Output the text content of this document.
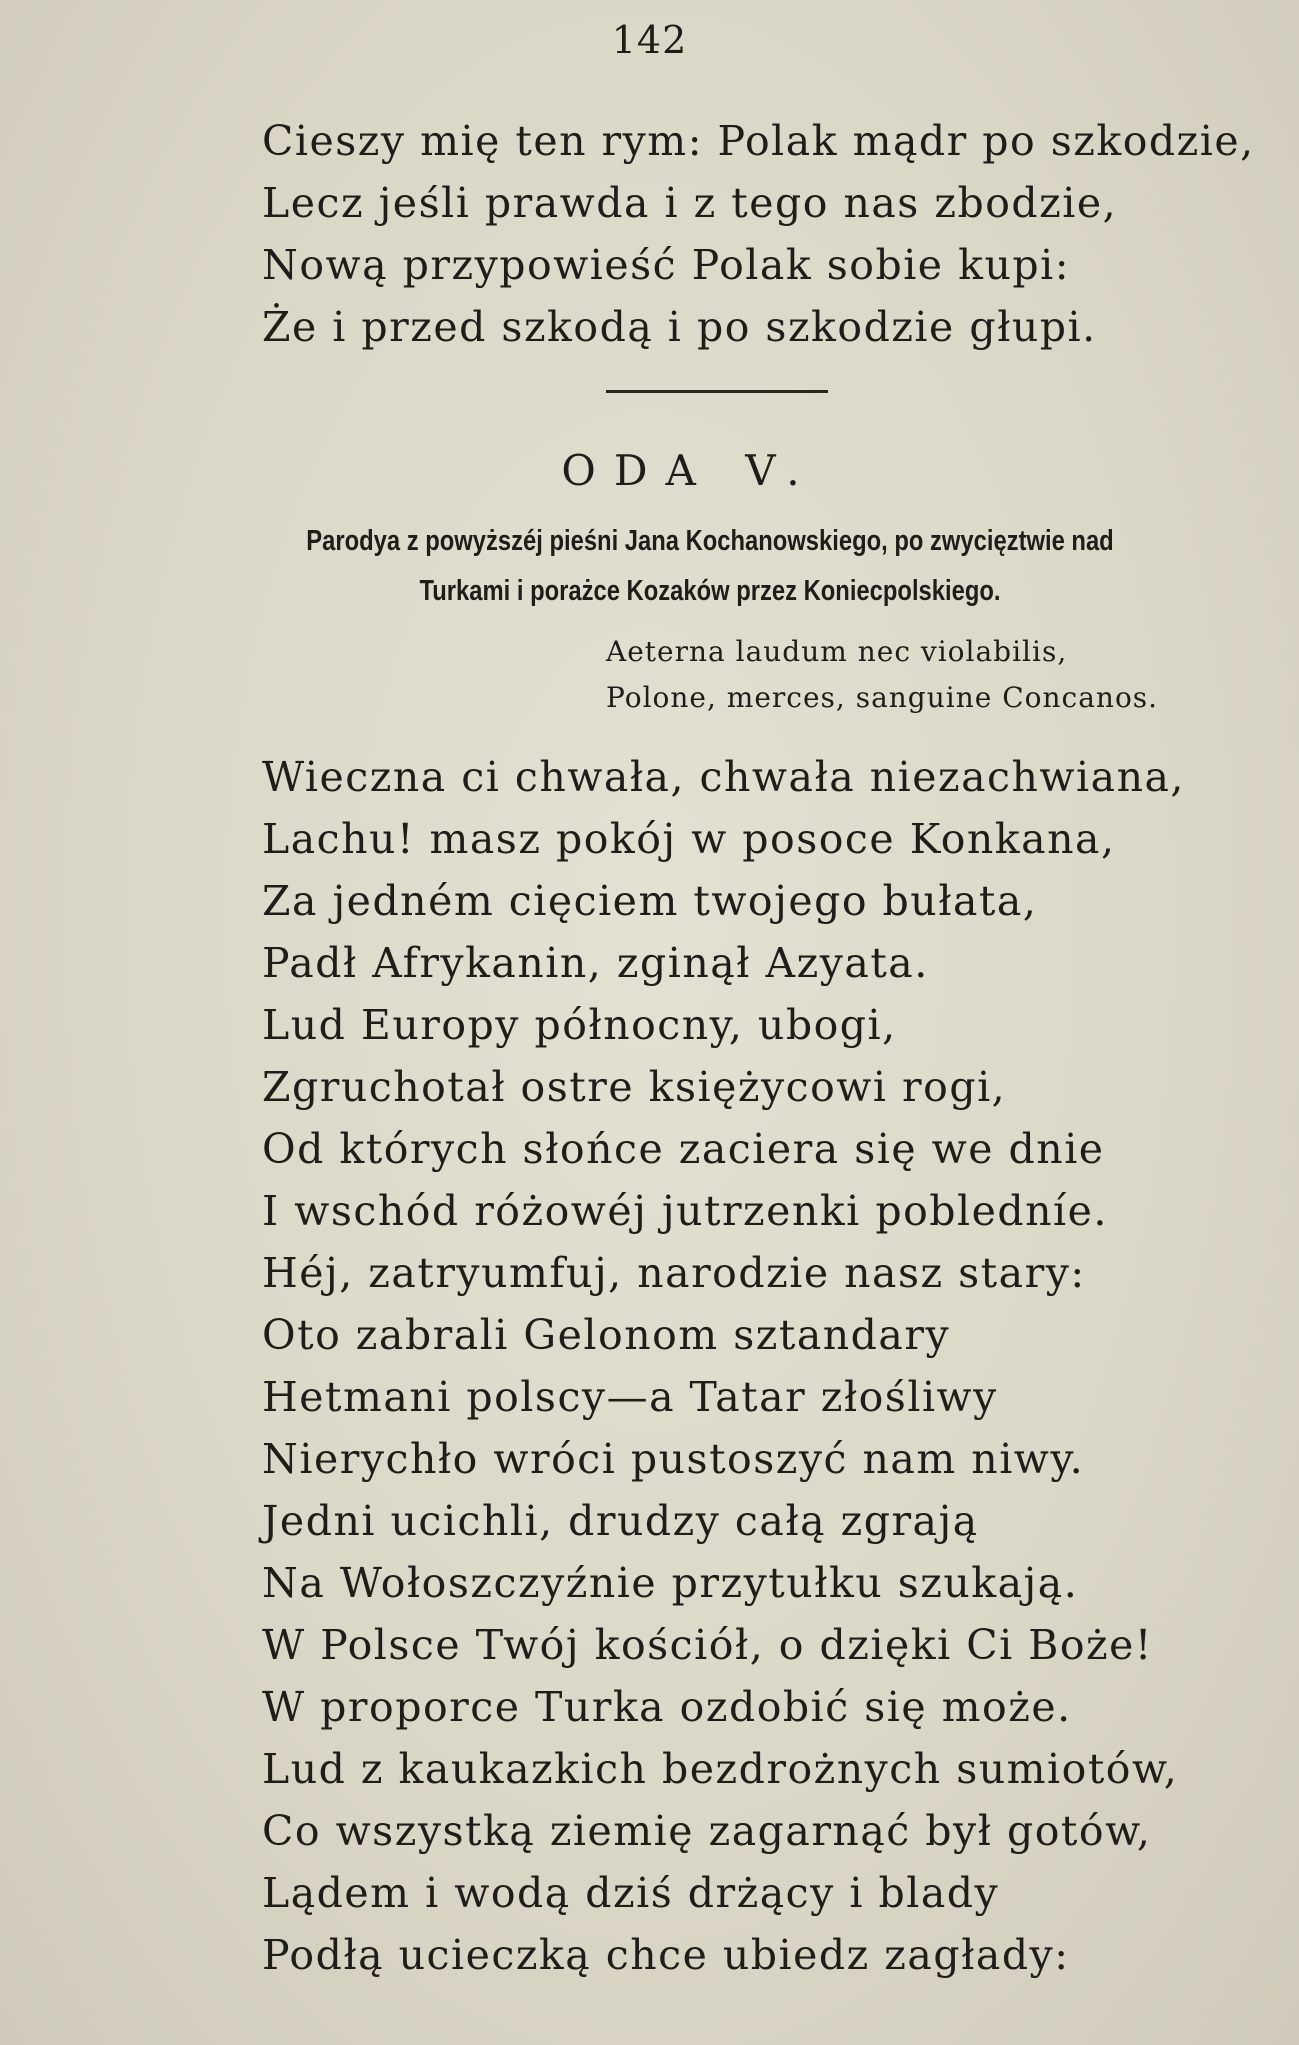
142
Cieszy mię ten rym: Polak mądr po szkodzie,
Lecz jeśli prawda i z tego nas zbodzie,
Nową przypowieść Polak sobie kupi:
Że i przed szkodą i po szkodzie głupi.
ODA V.
Parodya z powyższéj pieśni Jana Kochanowskiego, po zwycięztwie nad
Turkami i porażce Kozaków przez Koniecpolskiego.
Aeterna laudum nec violabilis,
Polone, merces, sanguine Concanos.
Wieczna ci chwała, chwała niezachwiana,
Lachu! masz pokój w posoce Konkana,
Za jedném cięciem twojego bułata,
Padł Afrykanin, zginął Azyata.
Lud Europy północny, ubogi,
Zgruchotał ostre księżycowi rogi,
Od których słońce zaciera się we dnie
I wschód różowéj jutrzenki pobledníe.
Héj, zatryumfuj, narodzie nasz stary:
Oto zabrali Gelonom sztandary
Hetmani polscy—a Tatar złośliwy
Nierychło wróci pustoszyć nam niwy.
Jedni ucichli, drudzy całą zgrają
Na Wołoszczyźnie przytułku szukają.
W Polsce Twój kościół, o dzięki Ci Boże!
W proporce Turka ozdobić się może.
Lud z kaukazkich bezdrożnych sumiotów,
Co wszystką ziemię zagarnąć był gotów,
Lądem i wodą dziś drżący i blady
Podłą ucieczką chce ubiedz zagłady:
